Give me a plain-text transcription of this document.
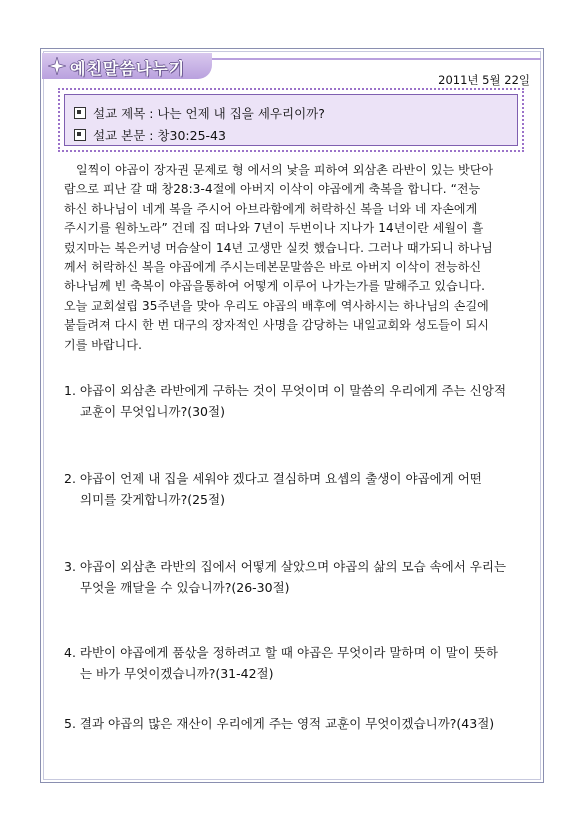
예친말씀나누기
2011년 5월 22일
설교 제목 : 나는 언제 내 집을 세우리이까?
설교 본문 : 창30:25-43
일찍이 야곱이 장자권 문제로 형 에서의 낯을 피하여 외삼촌 라반이 있는 밧단아
람으로 피난 갈 때 창28:3-4절에 아버지 이삭이 야곱에게 축복을 합니다. “전능
하신 하나님이 네게 복을 주시어 아브라함에게 허락하신 복을 너와 네 자손에게
주시기를 원하노라” 건데 집 떠나와 7년이 두번이나 지나가 14년이란 세월이 흘
렀지마는 복은커녕 머슴살이 14년 고생만 실컷 했습니다. 그러나 때가되니 하나님
께서 허락하신 복을 야곱에게 주시는데본문말씀은 바로 아버지 이삭이 전능하신
하나님께 빈 축복이 야곱을통하여 어떻게 이루어 나가는가를 말해주고 있습니다.
오늘 교회설립 35주년을 맞아 우리도 야곱의 배후에 역사하시는 하나님의 손길에
붙들려져 다시 한 번 대구의 장자적인 사명을 감당하는 내일교회와 성도들이 되시
기를 바랍니다.
1. 야곱이 외삼촌 라반에게 구하는 것이 무엇이며 이 말씀의 우리에게 주는 신앙적
교훈이 무엇입니까?(30절)
2. 야곱이 언제 내 집을 세워야 겠다고 결심하며 요셉의 출생이 야곱에게 어떤
의미를 갖게합니까?(25절)
3. 야곱이 외삼촌 라반의 집에서 어떻게 살았으며 야곱의 삶의 모습 속에서 우리는
무엇을 깨달을 수 있습니까?(26-30절)
4. 라반이 야곱에게 품삯을 정하려고 할 때 야곱은 무엇이라 말하며 이 말이 뜻하
는 바가 무엇이겠습니까?(31-42절)
5. 결과 야곱의 많은 재산이 우리에게 주는 영적 교훈이 무엇이겠습니까?(43절)
